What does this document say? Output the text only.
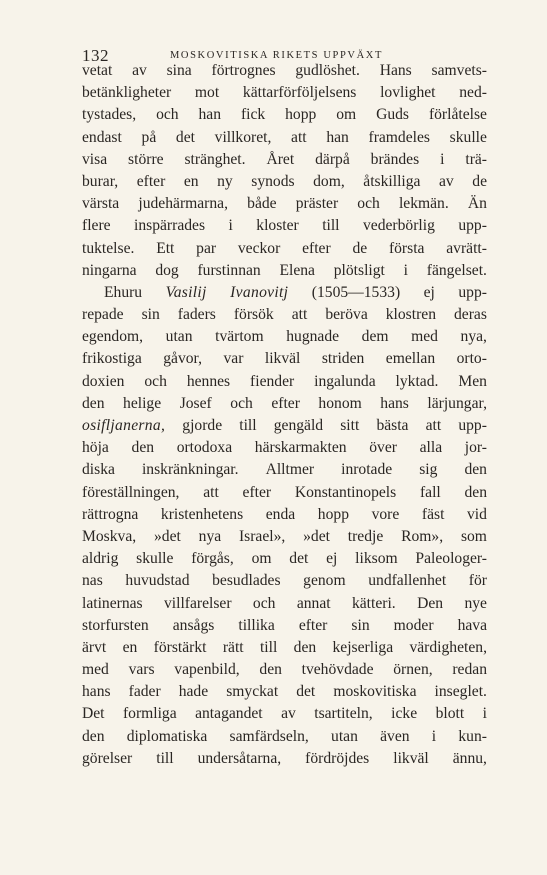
132	MOSKOVITISKA RIKETS UPPVÄXT
vetat av sina förtrognes gudlöshet. Hans samvets-
betänkligheter mot kättarförföljelsens lovlighet ned-
tystades, och han fick hopp om Guds förlåtelse
endast på det villkoret, att han framdeles skulle
visa större stränghet. Året därpå brändes i trä-
burar, efter en ny synods dom, åtskilliga av de
värsta judehärmarna, både präster och lekmän. Än
flere inspärrades i kloster till vederbörlig upp-
tuktelse. Ett par veckor efter de första avrätt-
ningarna dog furstinnan Elena plötsligt i fängelset.
Ehuru Vasilij Ivanovitj (1505—1533) ej upp-
repade sin faders försök att beröva klostren deras
egendom, utan tvärtom hugnade dem med nya,
frikostiga gåvor, var likväl striden emellan orto-
doxien och hennes fiender ingalunda lyktad. Men
den helige Josef och efter honom hans lärjungar,
osifljanerna, gjorde till gengäld sitt bästa att upp-
höja den ortodoxa härskarmakten över alla jor-
diska inskränkningar. Alltmer inrotade sig den
föreställningen, att efter Konstantinopels fall den
rättrogna kristenhetens enda hopp vore fäst vid
Moskva, »det nya Israel», »det tredje Rom», som
aldrig skulle förgås, om det ej liksom Paleologer-
nas huvudstad besudlades genom undfallenhet för
latinernas villfarelser och annat kätteri. Den nye
storfursten ansågs tillika efter sin moder hava
ärvt en förstärkt rätt till den kejserliga värdigheten,
med vars vapenbild, den tvehövdade örnen, redan
hans fader hade smyckat det moskovitiska inseglet.
Det formliga antagandet av tsartiteln, icke blott i
den diplomatiska samfärdseln, utan även i kun-
görelser till undersåtarna, fördröjdes likväl ännu,
